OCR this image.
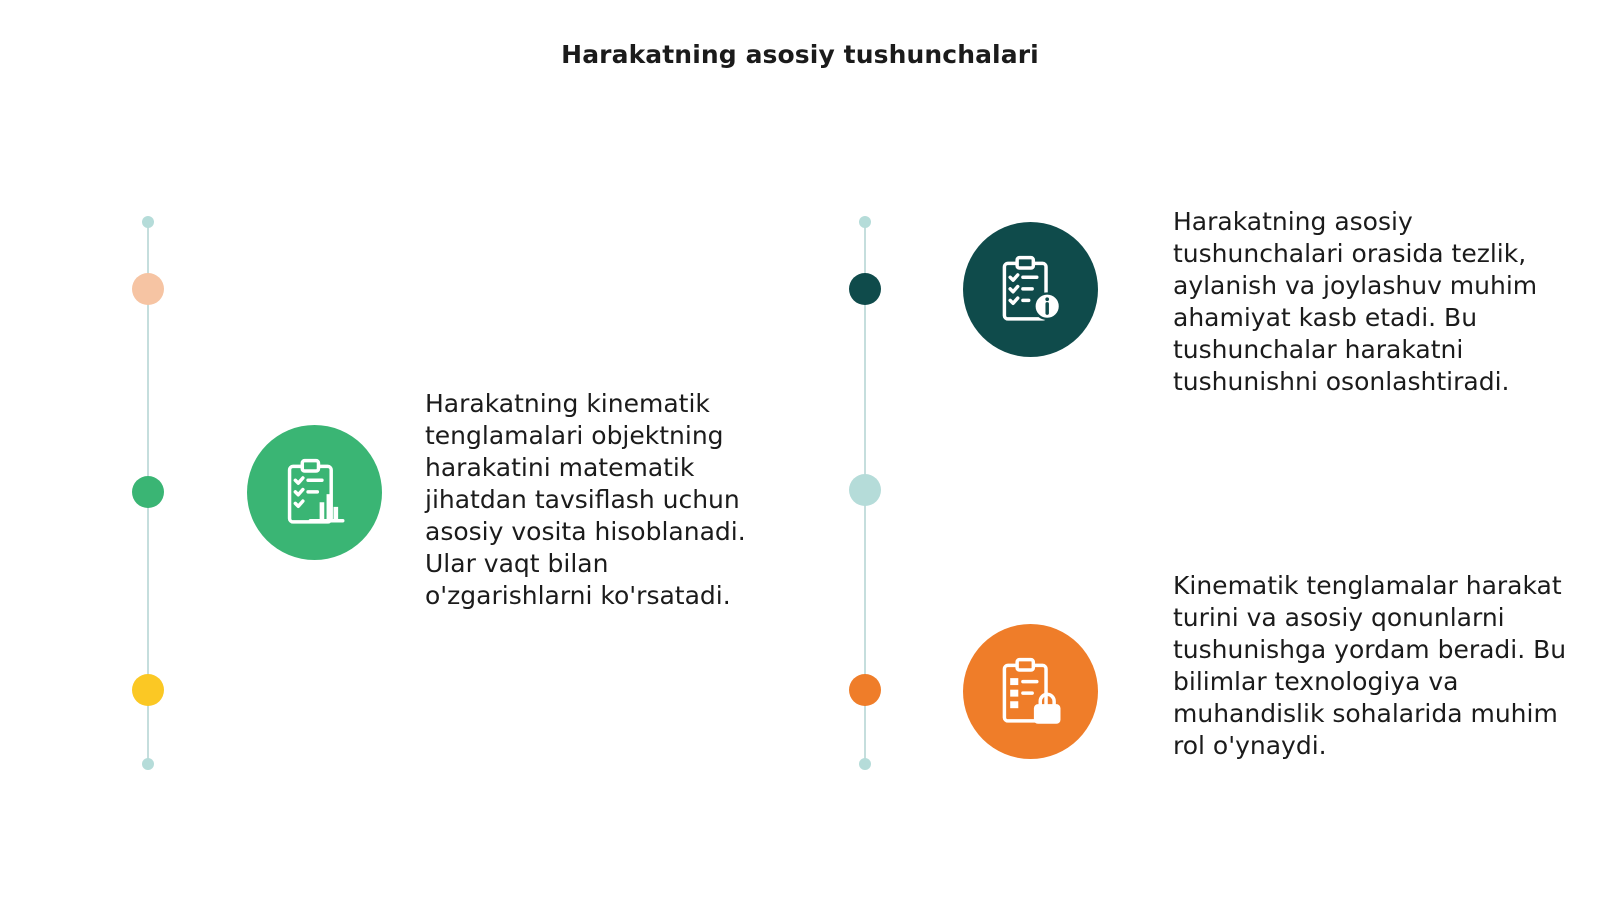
Harakatning asosiy tushunchalari

Harakatning kinematik tenglamalari objektning harakatini matematik jihatdan tavsiflash uchun asosiy vosita hisoblanadi. Ular vaqt bilan o'zgarishlarni ko'rsatadi.

Harakatning asosiy tushunchalari orasida tezlik, aylanish va joylashuv muhim ahamiyat kasb etadi. Bu tushunchalar harakatni tushunishni osonlashtiradi.

Kinematik tenglamalar harakat turini va asosiy qonunlarni tushunishga yordam beradi. Bu bilimlar texnologiya va muhandislik sohalarida muhim rol o'ynaydi.
